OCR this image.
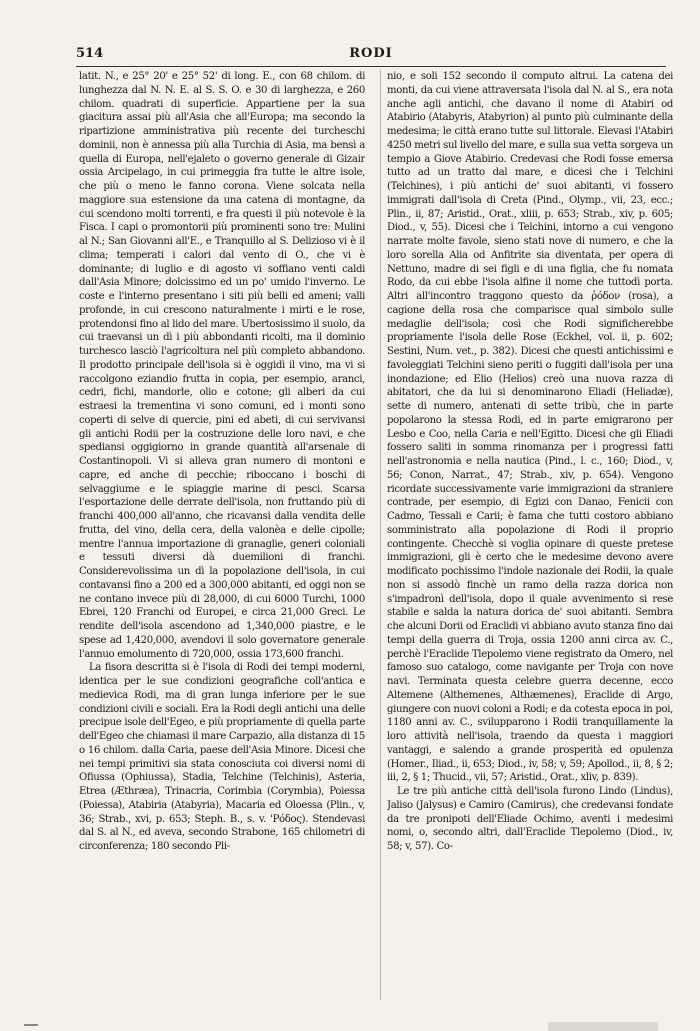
514	RODI

latit. N., e 25° 20' e 25° 52' di long. E., con 68 chilom. di lunghezza dal N. N. E. al S. S. O. e 30 di larghezza, e 260 chilom. quadrati di superficie. Appartiene per la sua giacitura assai più all'Asia che all'Europa; ma secondo la ripartizione amministrativa più recente dei turcheschi dominii, non è annessa più alla Turchia di Asia, ma bensì a quella di Europa, nell'ejaleto o governo generale di Gizair ossia Arcipelago, in cui primeggia fra tutte le altre isole, che più o meno le fanno corona. Viene solcata nella maggiore sua estensione da una catena di montagne, da cui scendono molti torrenti, e fra questi il più notevole è la Fisca. I capi o promontorii più prominenti sono tre: Mulini al N.; San Giovanni all'E., e Tranquillo al S. Delizioso vi è il clima; temperati i calori dal vento di O., che vi è dominante; di luglio e di agosto vi soffiano venti caldi dall'Asia Minore; dolcissimo ed un po' umido l'inverno. Le coste e l'interno presentano i siti più belli ed ameni; valli profonde, in cui crescono naturalmente i mirti e le rose, protendonsi fino al lido del mare. Ubertosissimo il suolo, da cui traevansi un dì i più abbondanti ricolti, ma il dominio turchesco lasciò l'agricoltura nel più completo abbandono. Il prodotto principale dell'isola si è oggidì il vino, ma vi si raccolgono eziandio frutta in copia, per esempio, aranci, cedri, fichi, mandorle, olio e cotone; gli alberi da cui estraesi la trementina vi sono comuni, ed i monti sono coperti di selve di quercie, pini ed abeti, di cui servivansi gli antichi Rodii per la costruzione delle loro navi, e che spediansi oggigiorno in grande quantità all'arsenale di Costantinopoli. Vi si alleva gran numero di montoni e capre, ed anche di pecchie; riboccano i boschi di selvaggiume e le spiaggie marine di pesci. Scarsa l'esportazione delle derrate dell'isola, non fruttando più di franchi 400,000 all'anno, che ricavansi dalla vendita delle frutta, del vino, della cera, della valonèa e delle cipolle; mentre l'annua importazione di granaglie, generi coloniali e tessuti diversi dà duemilioni di franchi. Considerevolissima un dì la popolazione dell'isola, in cui contavansi fino a 200 ed a 300,000 abitanti, ed oggi non se ne contano invece più di 28,000, di cui 6000 Turchi, 1000 Ebrei, 120 Franchi od Europei, e circa 21,000 Greci. Le rendite dell'isola ascendono ad 1,340,000 piastre, e le spese ad 1,420,000, avendovi il solo governatore generale l'annuo emolumento di 720,000, ossia 173,600 franchi.

La fisora descritta si è l'isola di Rodi dei tempi moderni, identica per le sue condizioni geografiche coll'antica e medievica Rodi, ma di gran lunga inferiore per le sue condizioni civili e sociali. Era la Rodi degli antichi una delle precipue isole dell'Egeo, e più propriamente di quella parte dell'Egeo che chiamasi il mare Carpazio, alla distanza di 15 o 16 chilom. dalla Caria, paese dell'Asia Minore. Dicesi che nei tempi primitivi sia stata conosciuta coi diversi nomi di Ofiussa (Ophiussa), Stadia, Telchine (Telchinis), Asteria, Etrea (Æthræa), Trinacria, Corimbia (Corymbia), Poiessa (Poiessa), Atabiria (Atabyria), Macaria ed Oloessa (Plin., v, 36; Strab., xvi, p. 653; Steph. B., s. v. 'Ρόδος). Stendevasi dal S. al N., ed aveva, secondo Strabone, 165 chilometri di circonferenza; 180 secondo Pli-

nio, e soli 152 secondo il computo altrui. La catena dei monti, da cui viene attraversata l'isola dal N. al S., era nota anche agli antichi, che davano il nome di Atabiri od Atabirio (Atabyris, Atabyrion) al punto più culminante della medesima; le città erano tutte sul littorale. Elevasi l'Atabiri 4250 metri sul livello del mare, e sulla sua vetta sorgeva un tempio a Giove Atabirio. Credevasi che Rodi fosse emersa tutto ad un tratto dal mare, e dicesi che i Telchini (Telchines), i più antichi de' suoi abitanti, vi fossero immigrati dall'isola di Creta (Pind., Olymp., vii, 23, ecc.; Plin., ii, 87; Aristid., Orat., xliii, p. 653; Strab., xiv, p. 605; Diod., v, 55). Dicesi che i Telchini, intorno a cui vengono narrate molte favole, sieno stati nove di numero, e che la loro sorella Alia od Anfitrite sia diventata, per opera di Nettuno, madre di sei figli e di una figlia, che fu nomata Rodo, da cui ebbe l'isola alfine il nome che tuttodì porta. Altri all'incontro traggono questo da ῥόδον (rosa), a cagione della rosa che comparisce qual simbolo sulle medaglie dell'isola; così che Rodi significherebbe propriamente l'isola delle Rose (Eckhel, vol. ii, p. 602; Sestini, Num. vet., p. 382). Dicesi che questi antichissimi e favoleggiati Telchini sieno periti o fuggiti dall'isola per una inondazione; ed Elio (Helios) creò una nuova razza di abitatori, che da lui si denominarono Eliadi (Heliadæ), sette di numero, antenati di sette tribù, che in parte popolarono la stessa Rodi, ed in parte emigrarono per Lesbo e Coo, nella Caria e nell'Egitto. Dicesi che gli Eliadi fossero saliti in somma rinomanza per i progressi fatti nell'astronomia e nella nautica (Pind., l. c., 160; Diod., v, 56; Conon, Narrat., 47; Strab., xiv, p. 654). Vengono ricordate successivamente varie immigrazioni da straniere contrade, per esempio, di Egizi con Danao, Fenicii con Cadmo, Tessali e Carii; è fama che tutti costoro abbiano somministrato alla popolazione di Rodi il proprio contingente. Checchè si voglia opinare di queste pretese immigrazioni, gli è certo che le medesime devono avere modificato pochissimo l'indole nazionale dei Rodii, la quale non si assodò finchè un ramo della razza dorica non s'impadronì dell'isola, dopo il quale avvenimento si rese stabile e salda la natura dorica de' suoi abitanti. Sembra che alcuni Dorii od Eraclidi vi abbiano avuto stanza fino dai tempi della guerra di Troja, ossia 1200 anni circa av. C., perchè l'Eraclide Tlepolemo viene registrato da Omero, nel famoso suo catalogo, come navigante per Troja con nove navi. Terminata questa celebre guerra decenne, ecco Altemene (Althemenes, Althæmenes), Eraclide di Argo, giungere con nuovi coloni a Rodi; e da cotesta epoca in poi, 1180 anni av. C., svilupparono i Rodii tranquillamente la loro attività nell'isola, traendo da questa i maggiori vantaggi, e salendo a grande prosperità ed opulenza (Homer., Iliad., ii, 653; Diod., iv, 58; v, 59; Apollod., ii, 8, § 2; iii, 2, § 1; Thucid., vii, 57; Aristid., Orat., xliv, p. 839).

Le tre più antiche città dell'isola furono Lindo (Lindus), Jaliso (Jalysus) e Camiro (Camirus), che credevansi fondate da tre pronipoti dell'Eliade Ochimo, aventi i medesimi nomi, o, secondo altri, dall'Eraclide Tlepolemo (Diod., iv, 58; v, 57). Co-
